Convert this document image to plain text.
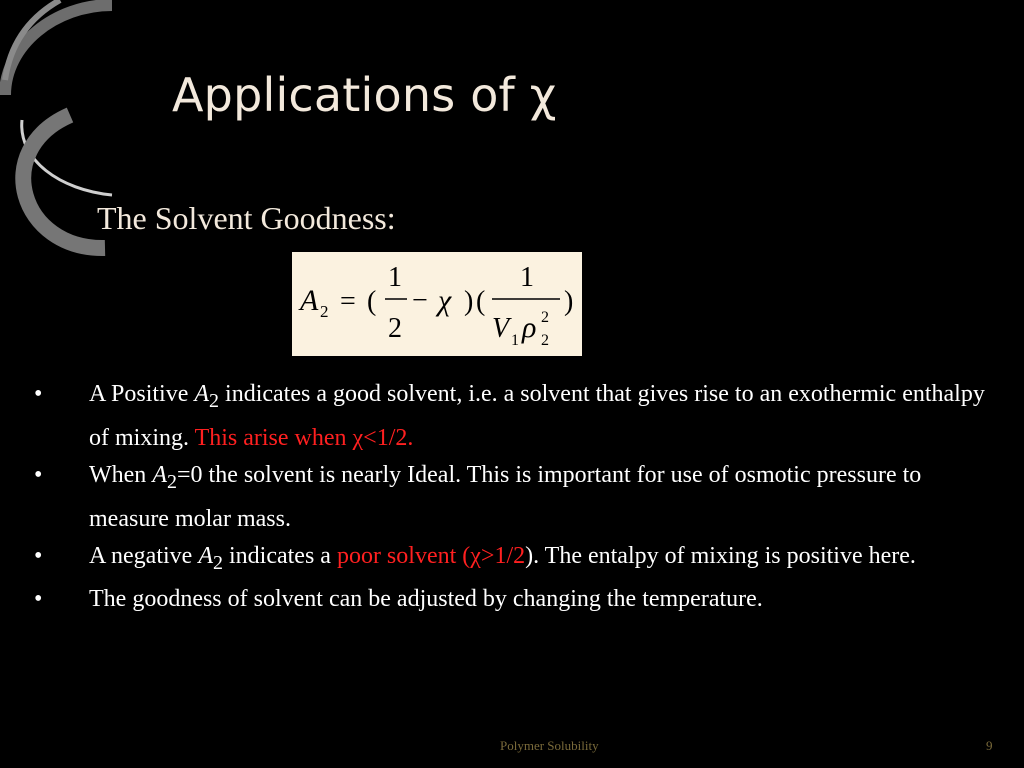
Applications of χ
The Solvent Goodness:
A 2 = (
1
2
− χ ) (
1
V 1 ρ 2
2
)
• A Positive $A_2$ indicates a good solvent, i.e. a solvent that gives rise to an exothermic enthalpy of mixing. This arise when χ<1/2.
• When $A_2=0$ the solvent is nearly Ideal. This is important for use of osmotic pressure to measure molar mass.
• A negative $A_2$ indicates a poor solvent (χ>1/2). The entalpy of mixing is positive here.
• The goodness of solvent can be adjusted by changing the temperature.
Polymer Solubility	9
